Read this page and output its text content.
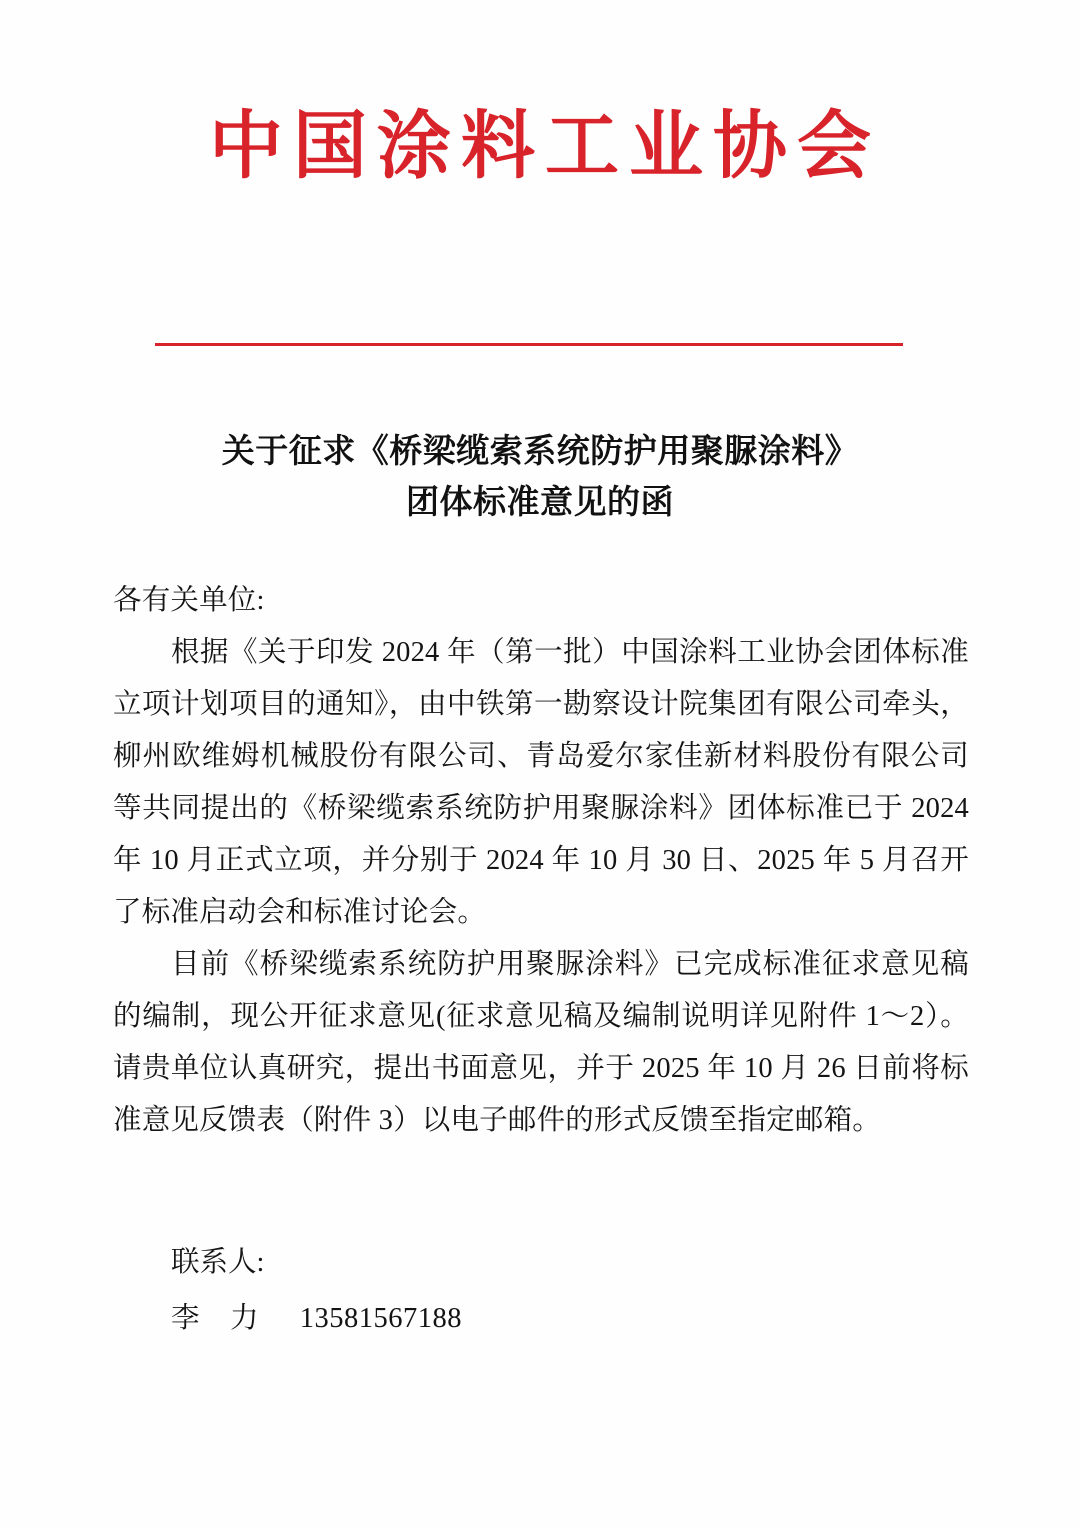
中国涂料工业协会
关于征求《桥梁缆索系统防护用聚脲涂料》
团体标准意见的函

各有关单位:

根据《关于印发 2024 年（第一批）中国涂料工业协会团体标准立项计划项目的通知》，由中铁第一勘察设计院集团有限公司牵头，柳州欧维姆机械股份有限公司、青岛爱尔家佳新材料股份有限公司等共同提出的《桥梁缆索系统防护用聚脲涂料》团体标准已于 2024 年 10 月正式立项，并分别于 2024 年 10 月 30 日、2025 年 5 月召开了标准启动会和标准讨论会。

目前《桥梁缆索系统防护用聚脲涂料》已完成标准征求意见稿的编制，现公开征求意见(征求意见稿及编制说明详见附件 1～2）。请贵单位认真研究，提出书面意见，并于 2025 年 10 月 26 日前将标准意见反馈表（附件 3）以电子邮件的形式反馈至指定邮箱。

联系人:
李　力 13581567188
